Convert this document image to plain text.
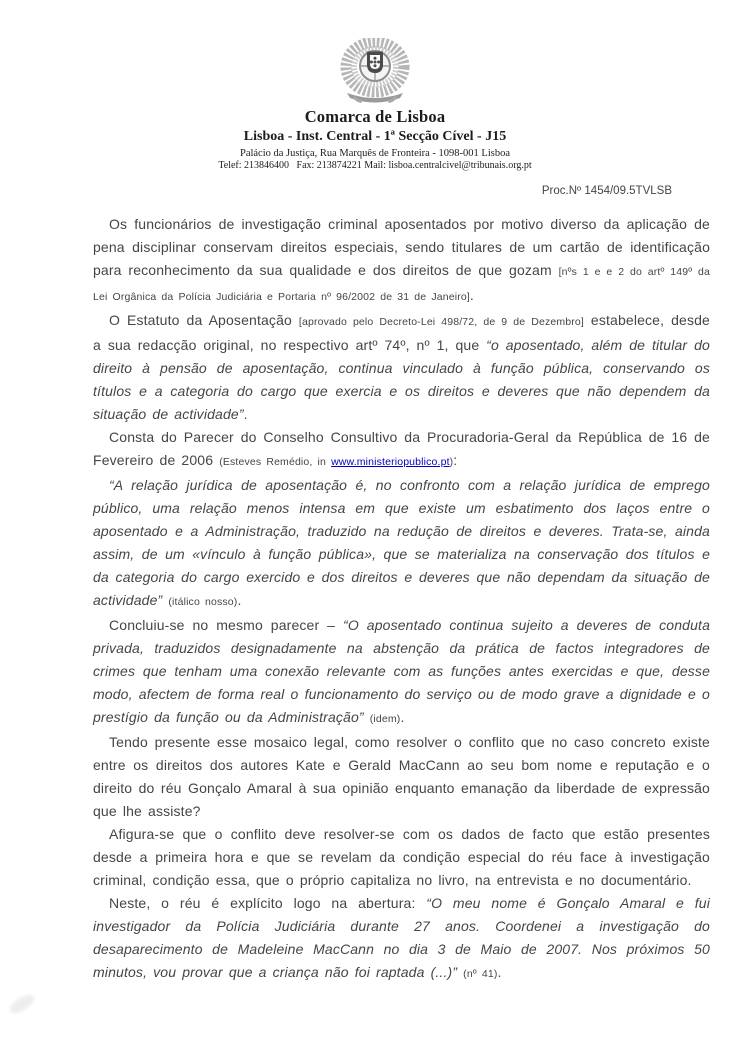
Comarca de Lisboa
Lisboa - Inst. Central - 1ª Secção Cível - J15
Palácio da Justiça, Rua Marquês de Fronteira - 1098-001 Lisboa
Telef: 213846400   Fax: 213874221 Mail: lisboa.centralcivel@tribunais.org.pt
Proc.Nº 1454/09.5TVLSB

Os funcionários de investigação criminal aposentados por motivo diverso da aplicação de pena disciplinar conservam direitos especiais, sendo titulares de um cartão de identificação para reconhecimento da sua qualidade e dos direitos de que gozam [nºs 1 e e 2 do artº 149º da Lei Orgânica da Polícia Judiciária e Portaria nº 96/2002 de 31 de Janeiro].

O Estatuto da Aposentação [aprovado pelo Decreto-Lei 498/72, de 9 de Dezembro] estabelece, desde a sua redacção original, no respectivo artº 74º, nº 1, que “o aposentado, além de titular do direito à pensão de aposentação, continua vinculado à função pública, conservando os títulos e a categoria do cargo que exercia e os direitos e deveres que não dependem da situação de actividade”.

Consta do Parecer do Conselho Consultivo da Procuradoria-Geral da República de 16 de Fevereiro de 2006 (Esteves Remédio, in www.ministeriopublico.pt):

“A relação jurídica de aposentação é, no confronto com a relação jurídica de emprego público, uma relação menos intensa em que existe um esbatimento dos laços entre o aposentado e a Administração, traduzido na redução de direitos e deveres. Trata-se, ainda assim, de um «vínculo à função pública», que se materializa na conservação dos títulos e da categoria do cargo exercido e dos direitos e deveres que não dependam da situação de actividade” (itálico nosso).

Concluiu-se no mesmo parecer – “O aposentado continua sujeito a deveres de conduta privada, traduzidos designadamente na abstenção da prática de factos integradores de crimes que tenham uma conexão relevante com as funções antes exercidas e que, desse modo, afectem de forma real o funcionamento do serviço ou de modo grave a dignidade e o prestígio da função ou da Administração” (idem).

Tendo presente esse mosaico legal, como resolver o conflito que no caso concreto existe entre os direitos dos autores Kate e Gerald MacCann ao seu bom nome e reputação e o direito do réu Gonçalo Amaral à sua opinião enquanto emanação da liberdade de expressão que lhe assiste?

Afigura-se que o conflito deve resolver-se com os dados de facto que estão presentes desde a primeira hora e que se revelam da condição especial do réu face à investigação criminal, condição essa, que o próprio capitaliza no livro, na entrevista e no documentário.

Neste, o réu é explícito logo na abertura: “O meu nome é Gonçalo Amaral e fui investigador da Polícia Judiciária durante 27 anos. Coordenei a investigação do desaparecimento de Madeleine MacCann no dia 3 de Maio de 2007. Nos próximos 50 minutos, vou provar que a criança não foi raptada (...)” (nº 41).
